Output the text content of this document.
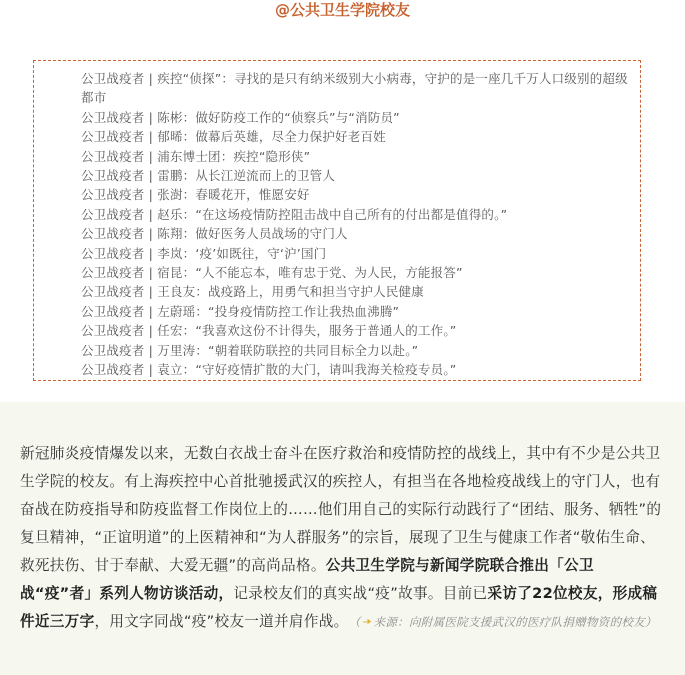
@公共卫生学院校友
公卫战疫者 | 疾控“侦探”：寻找的是只有纳米级别大小病毒，守护的是一座几千万人口级别的超级都市
公卫战疫者 | 陈彬：做好防疫工作的“侦察兵”与“消防员”
公卫战疫者 | 郁晞：做幕后英雄，尽全力保护好老百姓
公卫战疫者 | 浦东博士团：疾控“隐形侠”
公卫战疫者 | 雷鹏：从长江逆流而上的卫管人
公卫战疫者 | 张澍：春暖花开，惟愿安好
公卫战疫者 | 赵乐：“在这场疫情防控阻击战中自己所有的付出都是值得的。”
公卫战疫者 | 陈翔：做好医务人员战场的守门人
公卫战疫者 | 李岚：‘疫’如既往，守‘沪’国门
公卫战疫者 | 宿昆：“人不能忘本，唯有忠于党、为人民，方能报答”
公卫战疫者 | 王良友：战疫路上，用勇气和担当守护人民健康
公卫战疫者 | 左蔚瑶：“投身疫情防控工作让我热血沸腾”
公卫战疫者 | 任宏：“我喜欢这份不计得失，服务于普通人的工作。”
公卫战疫者 | 万里涛：“朝着联防联控的共同目标全力以赴。”
公卫战疫者 | 袁立：“守好疫情扩散的大门，请叫我海关检疫专员。”
新冠肺炎疫情爆发以来，无数白衣战士奋斗在医疗救治和疫情防控的战线上，其中有不少是公共卫生学院的校友。有上海疾控中心首批驰援武汉的疾控人，有担当在各地检疫战线上的守门人，也有奋战在防疫指导和防疫监督工作岗位上的……他们用自己的实际行动践行了“团结、服务、牺牲”的复旦精神，“正谊明道”的上医精神和“为人群服务”的宗旨，展现了卫生与健康工作者“敬佑生命、救死扶伤、甘于奉献、大爱无疆”的高尚品格。公共卫生学院与新闻学院联合推出「公卫战“疫”者」系列人物访谈活动，记录校友们的真实战“疫”故事。目前已采访了22位校友，形成稿件近三万字，用文字同战“疫”校友一道并肩作战。 （ 来源：向附属医院支援武汉的医疗队捐赠物资的校友）
